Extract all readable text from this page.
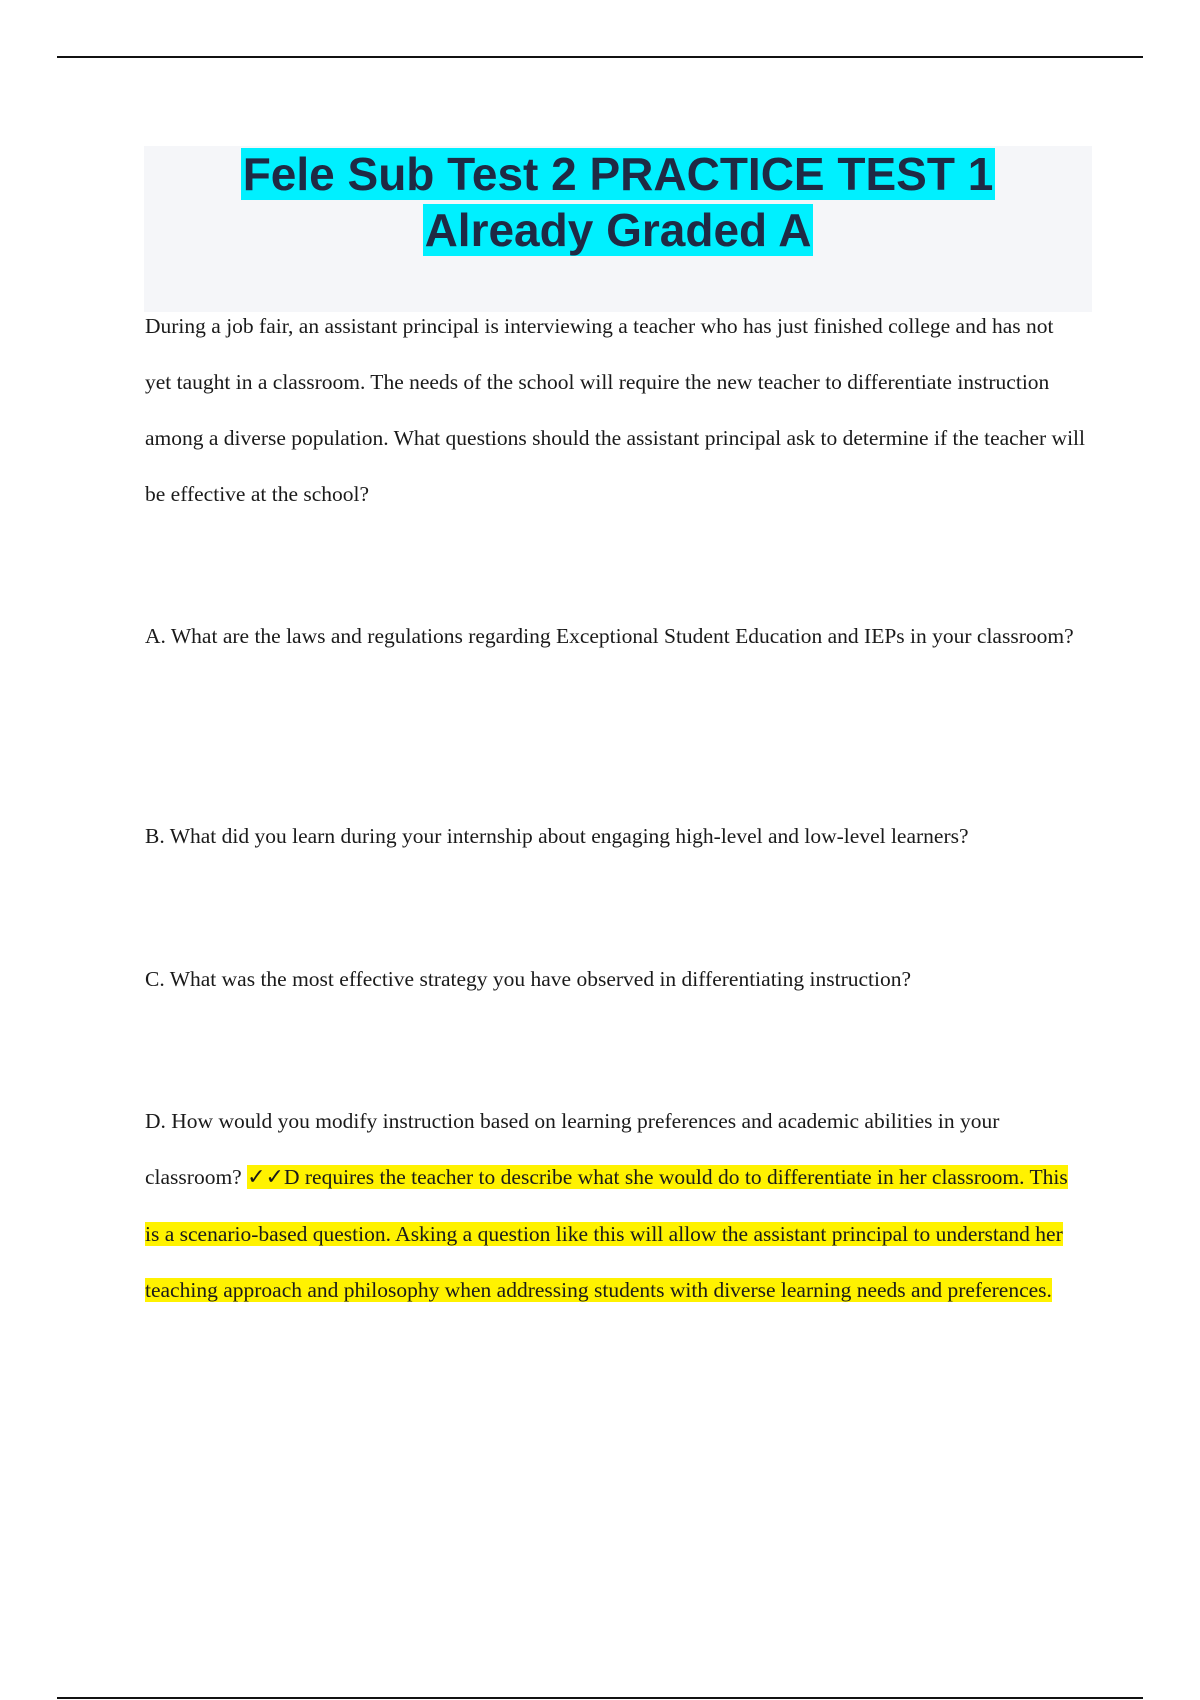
Fele Sub Test 2 PRACTICE TEST 1
Already Graded A

During a job fair, an assistant principal is interviewing a teacher who has just finished college and has not yet taught in a classroom. The needs of the school will require the new teacher to differentiate instruction among a diverse population. What questions should the assistant principal ask to determine if the teacher will be effective at the school?

A. What are the laws and regulations regarding Exceptional Student Education and IEPs in your classroom?

B. What did you learn during your internship about engaging high-level and low-level learners?

C. What was the most effective strategy you have observed in differentiating instruction?

D. How would you modify instruction based on learning preferences and academic abilities in your classroom? ✓✓D requires the teacher to describe what she would do to differentiate in her classroom. This is a scenario-based question. Asking a question like this will allow the assistant principal to understand her teaching approach and philosophy when addressing students with diverse learning needs and preferences.
